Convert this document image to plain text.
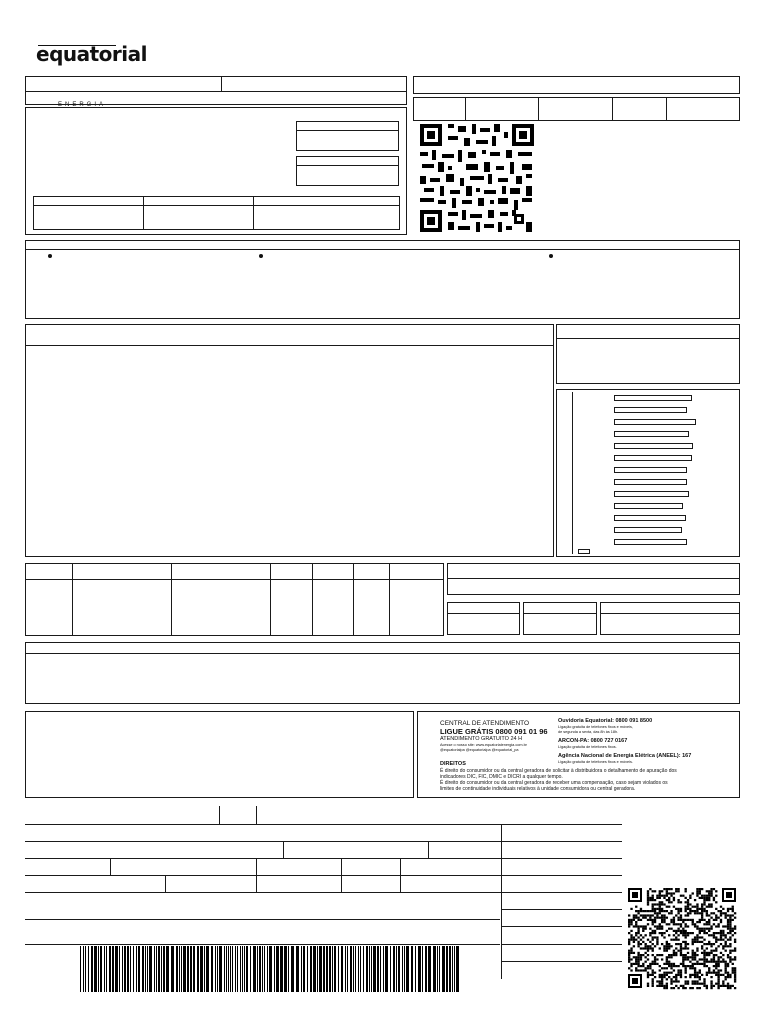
equatorial
ENERGIA
CENTRAL DE ATENDIMENTO
LIGUE GRÁTIS 0800 091 01 96
ATENDIMENTO GRATUITO 24 H
Acesse o nosso site: www.equatorialenergia.com.br
@equatorialpa @equatorialpa @equatorial_pa
Ouvidoria Equatorial: 0800 091 8500
Ligação gratuita de telefones fixos e móveis,
de segunda a sexta, das 8h às 18h.
ARCON-PA: 0800 727 0167
Ligação gratuita de telefones fixos.
Agência Nacional de Energia Elétrica (ANEEL): 167
Ligação gratuita de telefones fixos e móveis.
DIREITOS
É direito do consumidor ou da central geradora de solicitar à distribuidora o detalhamento de apuração dos
indicadores DIC, FIC, DMIC e DICRI a qualquer tempo.
É direito do consumidor ou da central geradora de receber uma compensação, caso sejam violados os
limites de continuidade individuais relativos à unidade consumidora ou central geradora.
